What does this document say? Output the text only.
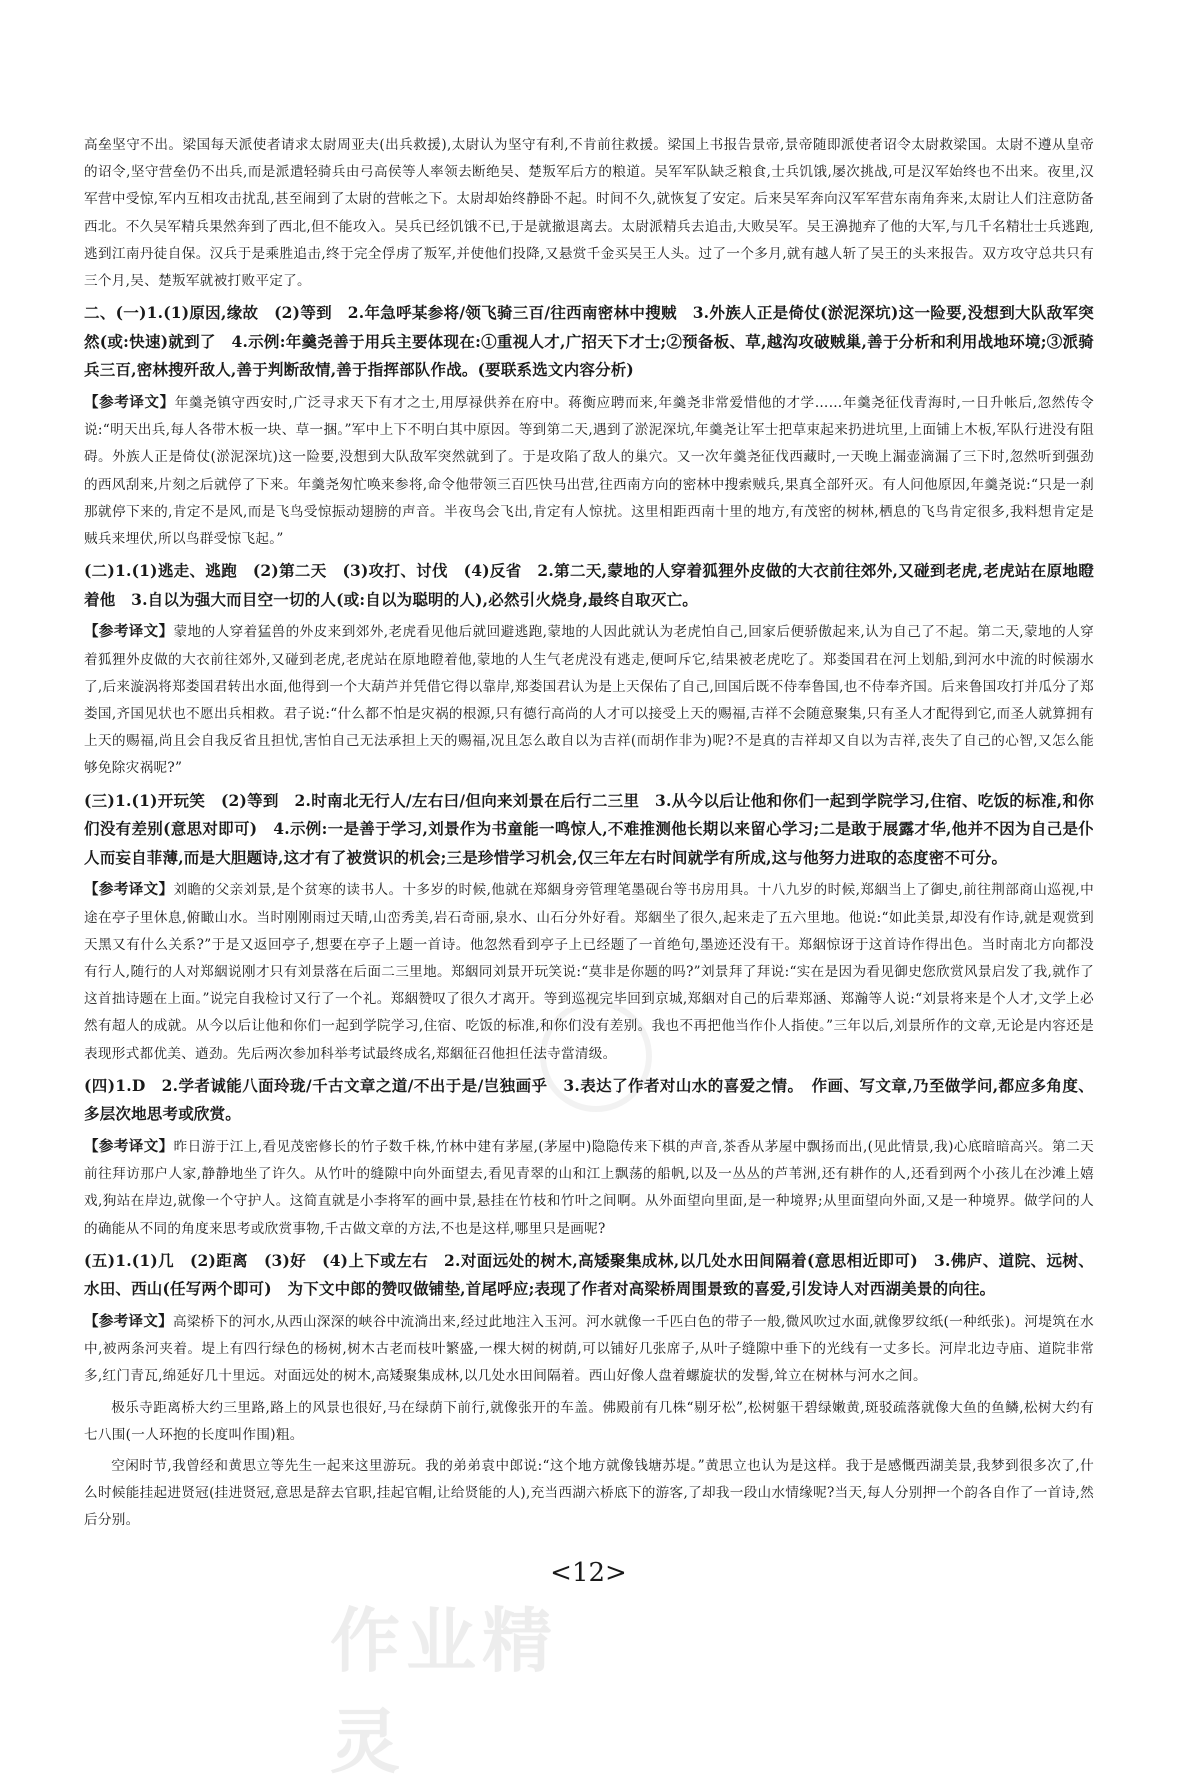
高垒坚守不出。梁国每天派使者请求太尉周亚夫(出兵救援),太尉认为坚守有利,不肯前往救援。梁国上书报告景帝,景帝随即派使者诏令太尉救梁国。太尉不遵从皇帝的诏令,坚守营垒仍不出兵,而是派遣轻骑兵由弓高侯等人率领去断绝吴、楚叛军后方的粮道。吴军军队缺乏粮食,士兵饥饿,屡次挑战,可是汉军始终也不出来。夜里,汉军营中受惊,军内互相攻击扰乱,甚至闹到了太尉的营帐之下。太尉却始终静卧不起。时间不久,就恢复了安定。后来吴军奔向汉军军营东南角奔来,太尉让人们注意防备西北。不久吴军精兵果然奔到了西北,但不能攻入。吴兵已经饥饿不已,于是就撤退离去。太尉派精兵去追击,大败吴军。吴王濞抛弃了他的大军,与几千名精壮士兵逃跑,逃到江南丹徒自保。汉兵于是乘胜追击,终于完全俘虏了叛军,并使他们投降,又悬赏千金买吴王人头。过了一个多月,就有越人斩了吴王的头来报告。双方攻守总共只有三个月,吴、楚叛军就被打败平定了。

二、(一)1.(1)原因,缘故　(2)等到　2.年急呼某参将/领飞骑三百/往西南密林中搜贼　3.外族人正是倚仗(淤泥深坑)这一险要,没想到大队敌军突然(或:快速)就到了　4.示例:年羹尧善于用兵主要体现在:①重视人才,广招天下才士;②预备板、草,越沟攻破贼巢,善于分析和利用战地环境;③派骑兵三百,密林搜歼敌人,善于判断敌情,善于指挥部队作战。(要联系选文内容分析)

【参考译文】年羹尧镇守西安时,广泛寻求天下有才之士,用厚禄供养在府中。蒋衡应聘而来,年羹尧非常爱惜他的才学……年羹尧征伐青海时,一日升帐后,忽然传令说:“明天出兵,每人各带木板一块、草一捆。”军中上下不明白其中原因。等到第二天,遇到了淤泥深坑,年羹尧让军士把草束起来扔进坑里,上面铺上木板,军队行进没有阻碍。外族人正是倚仗(淤泥深坑)这一险要,没想到大队敌军突然就到了。于是攻陷了敌人的巢穴。又一次年羹尧征伐西藏时,一天晚上漏壶滴漏了三下时,忽然听到强劲的西风刮来,片刻之后就停了下来。年羹尧匆忙唤来参将,命令他带领三百匹快马出营,往西南方向的密林中搜索贼兵,果真全部歼灭。有人问他原因,年羹尧说:“只是一刹那就停下来的,肯定不是风,而是飞鸟受惊振动翅膀的声音。半夜鸟会飞出,肯定有人惊扰。这里相距西南十里的地方,有茂密的树林,栖息的飞鸟肯定很多,我料想肯定是贼兵来埋伏,所以鸟群受惊飞起。”

(二)1.(1)逃走、逃跑　(2)第二天　(3)攻打、讨伐　(4)反省　2.第二天,蒙地的人穿着狐狸外皮做的大衣前往郊外,又碰到老虎,老虎站在原地瞪着他　3.自以为强大而目空一切的人(或:自以为聪明的人),必然引火烧身,最终自取灭亡。

【参考译文】蒙地的人穿着猛兽的外皮来到郊外,老虎看见他后就回避逃跑,蒙地的人因此就认为老虎怕自己,回家后便骄傲起来,认为自己了不起。第二天,蒙地的人穿着狐狸外皮做的大衣前往郊外,又碰到老虎,老虎站在原地瞪着他,蒙地的人生气老虎没有逃走,便呵斥它,结果被老虎吃了。郑娄国君在河上划船,到河水中流的时候溺水了,后来漩涡将郑娄国君转出水面,他得到一个大葫芦并凭借它得以靠岸,郑娄国君认为是上天保佑了自己,回国后既不侍奉鲁国,也不侍奉齐国。后来鲁国攻打并瓜分了郑娄国,齐国见状也不愿出兵相救。君子说:“什么都不怕是灾祸的根源,只有德行高尚的人才可以接受上天的赐福,吉祥不会随意聚集,只有圣人才配得到它,而圣人就算拥有上天的赐福,尚且会自我反省且担忧,害怕自己无法承担上天的赐福,况且怎么敢自以为吉祥(而胡作非为)呢?不是真的吉祥却又自以为吉祥,丧失了自己的心智,又怎么能够免除灾祸呢?”

(三)1.(1)开玩笑　(2)等到　2.时南北无行人/左右曰/但向来刘景在后行二三里　3.从今以后让他和你们一起到学院学习,住宿、吃饭的标准,和你们没有差别(意思对即可)　4.示例:一是善于学习,刘景作为书童能一鸣惊人,不难推测他长期以来留心学习;二是敢于展露才华,他并不因为自己是仆人而妄自菲薄,而是大胆题诗,这才有了被赏识的机会;三是珍惜学习机会,仅三年左右时间就学有所成,这与他努力进取的态度密不可分。

【参考译文】刘瞻的父亲刘景,是个贫寒的读书人。十多岁的时候,他就在郑絪身旁管理笔墨砚台等书房用具。十八九岁的时候,郑絪当上了御史,前往荆部商山巡视,中途在亭子里休息,俯瞰山水。当时刚刚雨过天晴,山峦秀美,岩石奇丽,泉水、山石分外好看。郑絪坐了很久,起来走了五六里地。他说:“如此美景,却没有作诗,就是观赏到天黑又有什么关系?”于是又返回亭子,想要在亭子上题一首诗。他忽然看到亭子上已经题了一首绝句,墨迹还没有干。郑絪惊讶于这首诗作得出色。当时南北方向都没有行人,随行的人对郑絪说刚才只有刘景落在后面二三里地。郑絪同刘景开玩笑说:“莫非是你题的吗?”刘景拜了拜说:“实在是因为看见御史您欣赏风景启发了我,就作了这首拙诗题在上面。”说完自我检讨又行了一个礼。郑絪赞叹了很久才离开。等到巡视完毕回到京城,郑絪对自己的后辈郑涵、郑瀚等人说:“刘景将来是个人才,文学上必然有超人的成就。从今以后让他和你们一起到学院学习,住宿、吃饭的标准,和你们没有差别。我也不再把他当作仆人指使。”三年以后,刘景所作的文章,无论是内容还是表现形式都优美、遒劲。先后两次参加科举考试最终成名,郑絪征召他担任法寺當清级。

(四)1.D　2.学者诚能八面玲珑/千古文章之道/不出于是/岂独画乎　3.表达了作者对山水的喜爱之情。　作画、写文章,乃至做学问,都应多角度、多层次地思考或欣赏。

【参考译文】昨日游于江上,看见茂密修长的竹子数千株,竹林中建有茅屋,(茅屋中)隐隐传来下棋的声音,茶香从茅屋中飘扬而出,(见此情景,我)心底暗暗高兴。第二天前往拜访那户人家,静静地坐了许久。从竹叶的缝隙中向外面望去,看见青翠的山和江上飘荡的船帆,以及一丛丛的芦苇洲,还有耕作的人,还看到两个小孩儿在沙滩上嬉戏,狗站在岸边,就像一个守护人。这简直就是小李将军的画中景,悬挂在竹枝和竹叶之间啊。从外面望向里面,是一种境界;从里面望向外面,又是一种境界。做学问的人的确能从不同的角度来思考或欣赏事物,千古做文章的方法,不也是这样,哪里只是画呢?

(五)1.(1)几　(2)距离　(3)好　(4)上下或左右　2.对面远处的树木,高矮聚集成林,以几处水田间隔着(意思相近即可)　3.佛庐、道院、远树、水田、西山(任写两个即可)　为下文中郎的赞叹做铺垫,首尾呼应;表现了作者对高梁桥周围景致的喜爱,引发诗人对西湖美景的向往。

【参考译文】高梁桥下的河水,从西山深深的峡谷中流淌出来,经过此地注入玉河。河水就像一千匹白色的带子一般,微风吹过水面,就像罗纹纸(一种纸张)。河堤筑在水中,被两条河夹着。堤上有四行绿色的杨树,树木古老而枝叶繁盛,一棵大树的树荫,可以铺好几张席子,从叶子缝隙中垂下的光线有一丈多长。河岸北边寺庙、道院非常多,红门青瓦,绵延好几十里远。对面远处的树木,高矮聚集成林,以几处水田间隔着。西山好像人盘着螺旋状的发髻,耸立在树林与河水之间。

极乐寺距离桥大约三里路,路上的风景也很好,马在绿荫下前行,就像张开的车盖。佛殿前有几株“剔牙松”,松树躯干碧绿嫩黄,斑驳疏落就像大鱼的鱼鳞,松树大约有七八围(一人环抱的长度叫作围)粗。

空闲时节,我曾经和黄思立等先生一起来这里游玩。我的弟弟袁中郎说:“这个地方就像钱塘苏堤。”黄思立也认为是这样。我于是感慨西湖美景,我梦到很多次了,什么时候能挂起进贤冠(挂进贤冠,意思是辞去官职,挂起官帽,让给贤能的人),充当西湖六桥底下的游客,了却我一段山水情缘呢?当天,每人分别押一个韵各自作了一首诗,然后分别。

作业精灵
<12>
